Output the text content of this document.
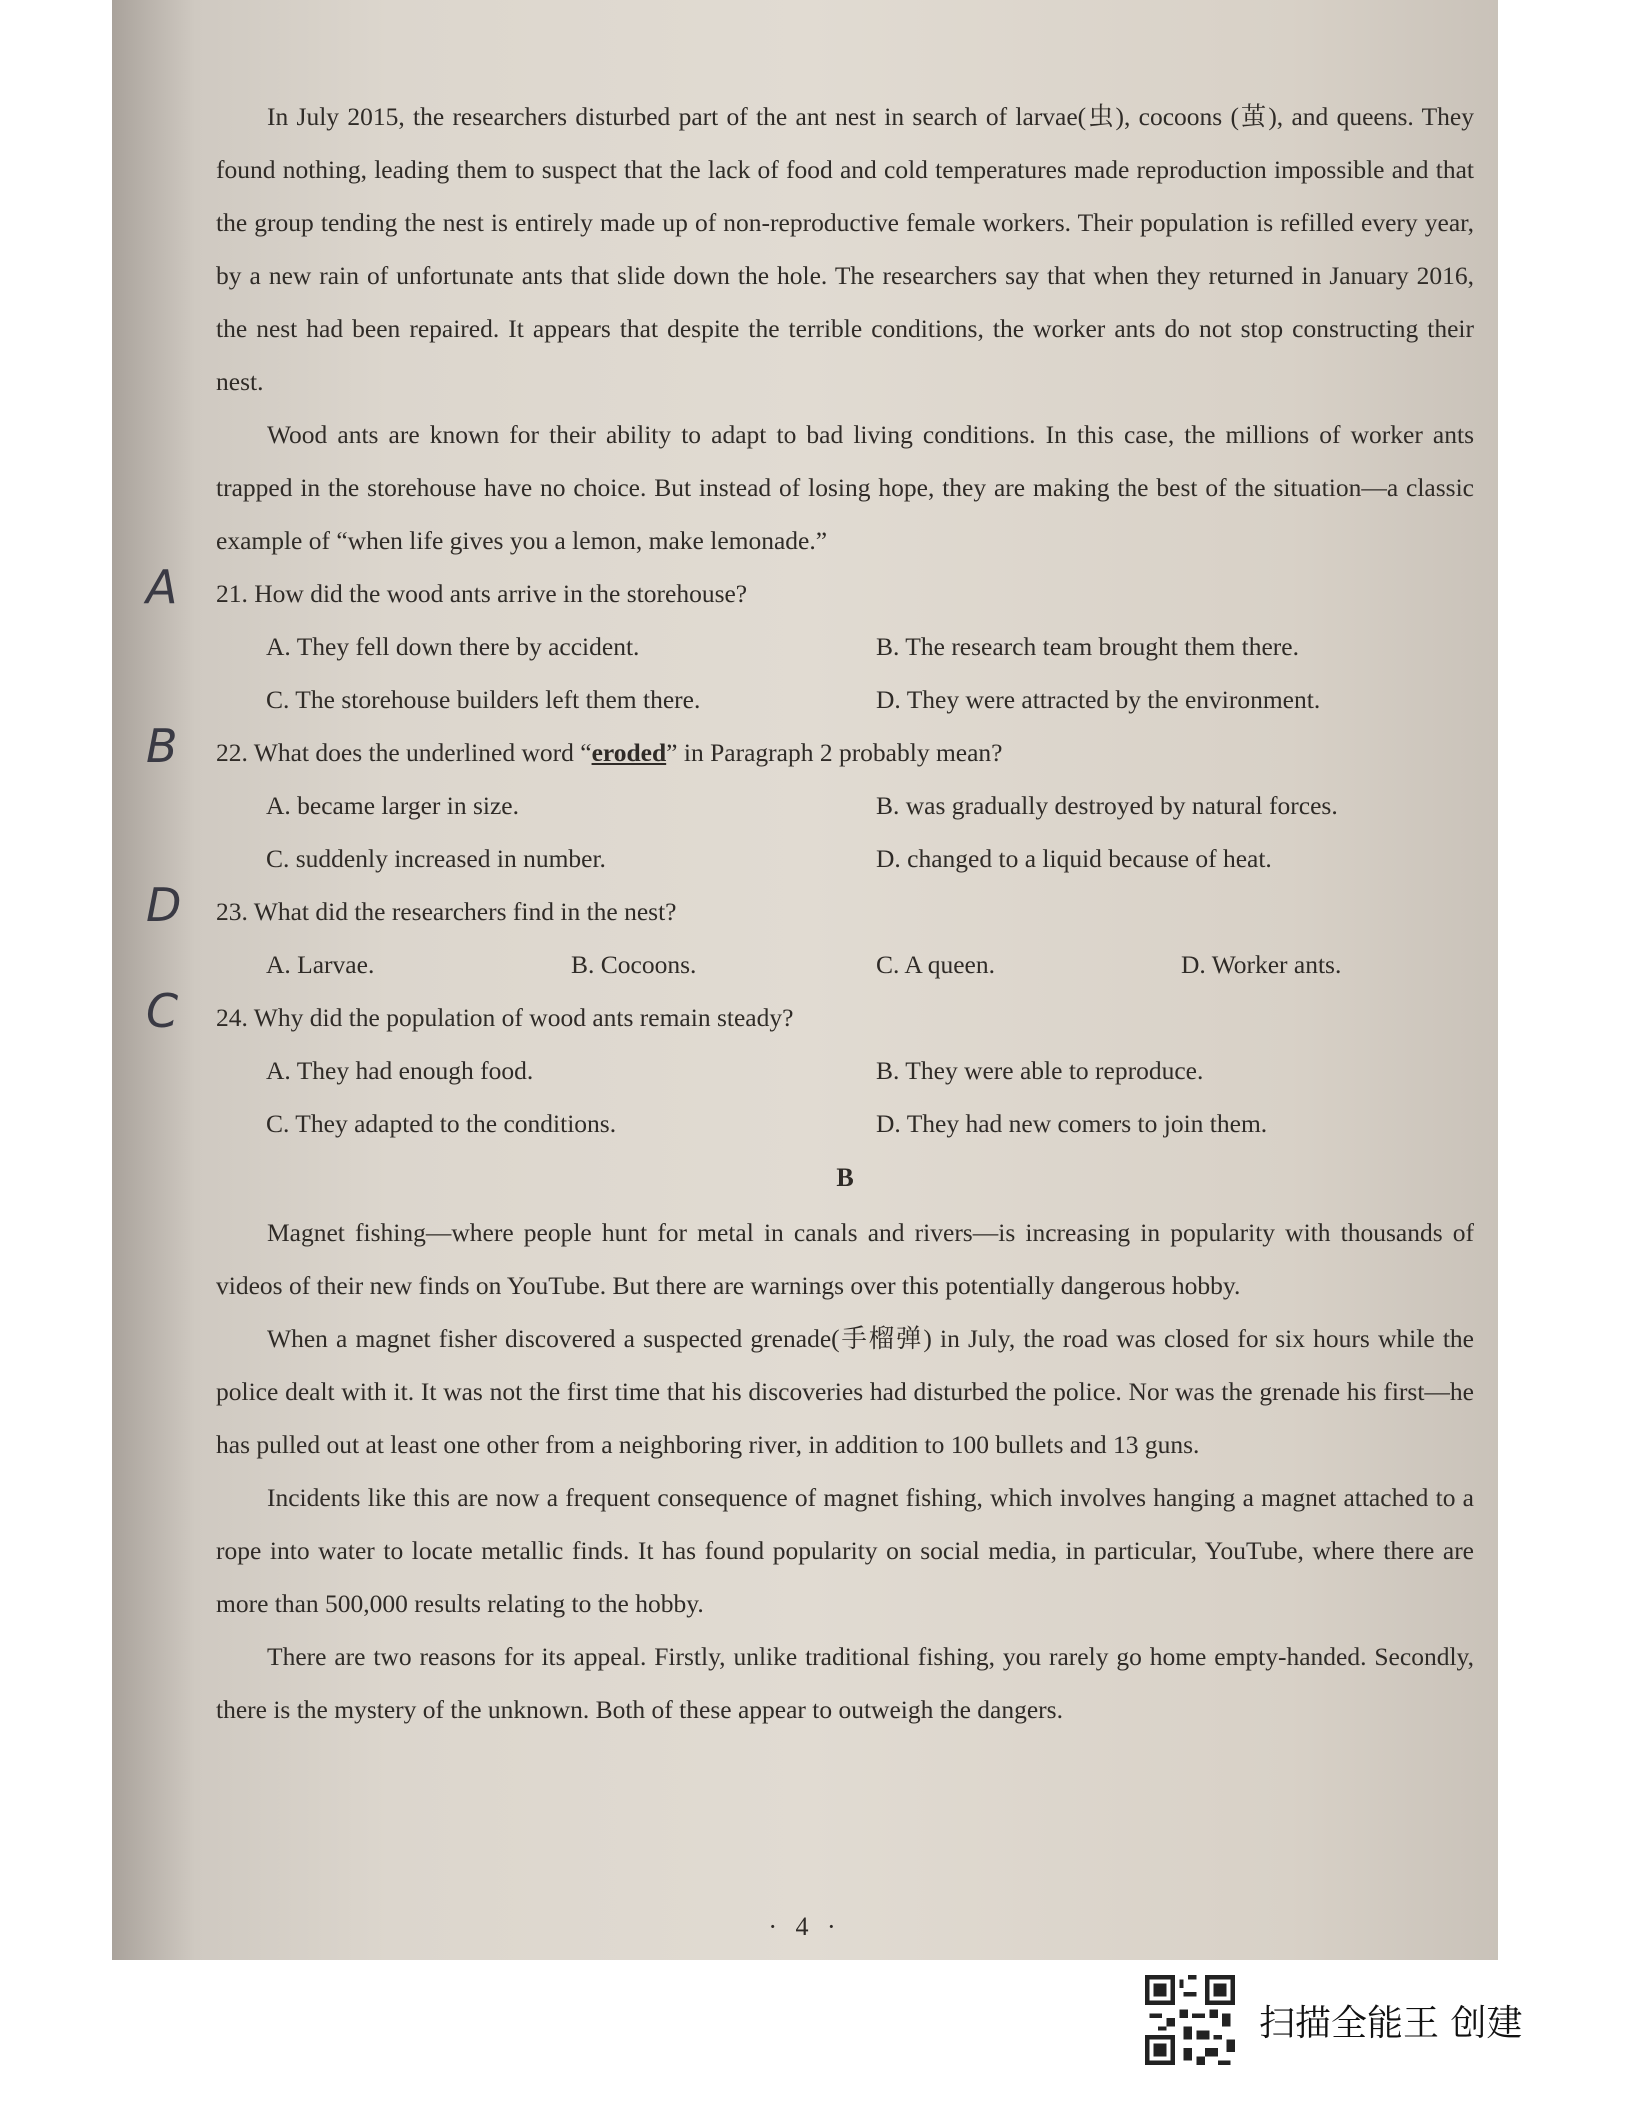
In July 2015, the researchers disturbed part of the ant nest in search of larvae(虫), cocoons (茧), and queens. They found nothing, leading them to suspect that the lack of food and cold temperatures made reproduction impossible and that the group tending the nest is entirely made up of non-reproductive female workers. Their population is refilled every year, by a new rain of unfortunate ants that slide down the hole. The researchers say that when they returned in January 2016, the nest had been repaired. It appears that despite the terrible conditions, the worker ants do not stop constructing their nest.

Wood ants are known for their ability to adapt to bad living conditions. In this case, the millions of worker ants trapped in the storehouse have no choice. But instead of losing hope, they are making the best of the situation—a classic example of “when life gives you a lemon, make lemonade.”

A 21. How did the wood ants arrive in the storehouse?
A. They fell down there by accident.	B. The research team brought them there.
C. The storehouse builders left them there.	D. They were attracted by the environment.
B 22. What does the underlined word “eroded” in Paragraph 2 probably mean?
A. became larger in size.	B. was gradually destroyed by natural forces.
C. suddenly increased in number.	D. changed to a liquid because of heat.
D 23. What did the researchers find in the nest?
A. Larvae.	B. Cocoons.	C. A queen.	D. Worker ants.
C 24. Why did the population of wood ants remain steady?
A. They had enough food.	B. They were able to reproduce.
C. They adapted to the conditions.	D. They had new comers to join them.
B

Magnet fishing—where people hunt for metal in canals and rivers—is increasing in popularity with thousands of videos of their new finds on YouTube. But there are warnings over this potentially dangerous hobby.

When a magnet fisher discovered a suspected grenade(手榴弹) in July, the road was closed for six hours while the police dealt with it. It was not the first time that his discoveries had disturbed the police. Nor was the grenade his first—he has pulled out at least one other from a neighboring river, in addition to 100 bullets and 13 guns.

Incidents like this are now a frequent consequence of magnet fishing, which involves hanging a magnet attached to a rope into water to locate metallic finds. It has found popularity on social media, in particular, YouTube, where there are more than 500,000 results relating to the hobby.

There are two reasons for its appeal. Firstly, unlike traditional fishing, you rarely go home empty-handed. Secondly, there is the mystery of the unknown. Both of these appear to outweigh the dangers.

· 4 ·
扫描全能王 创建
